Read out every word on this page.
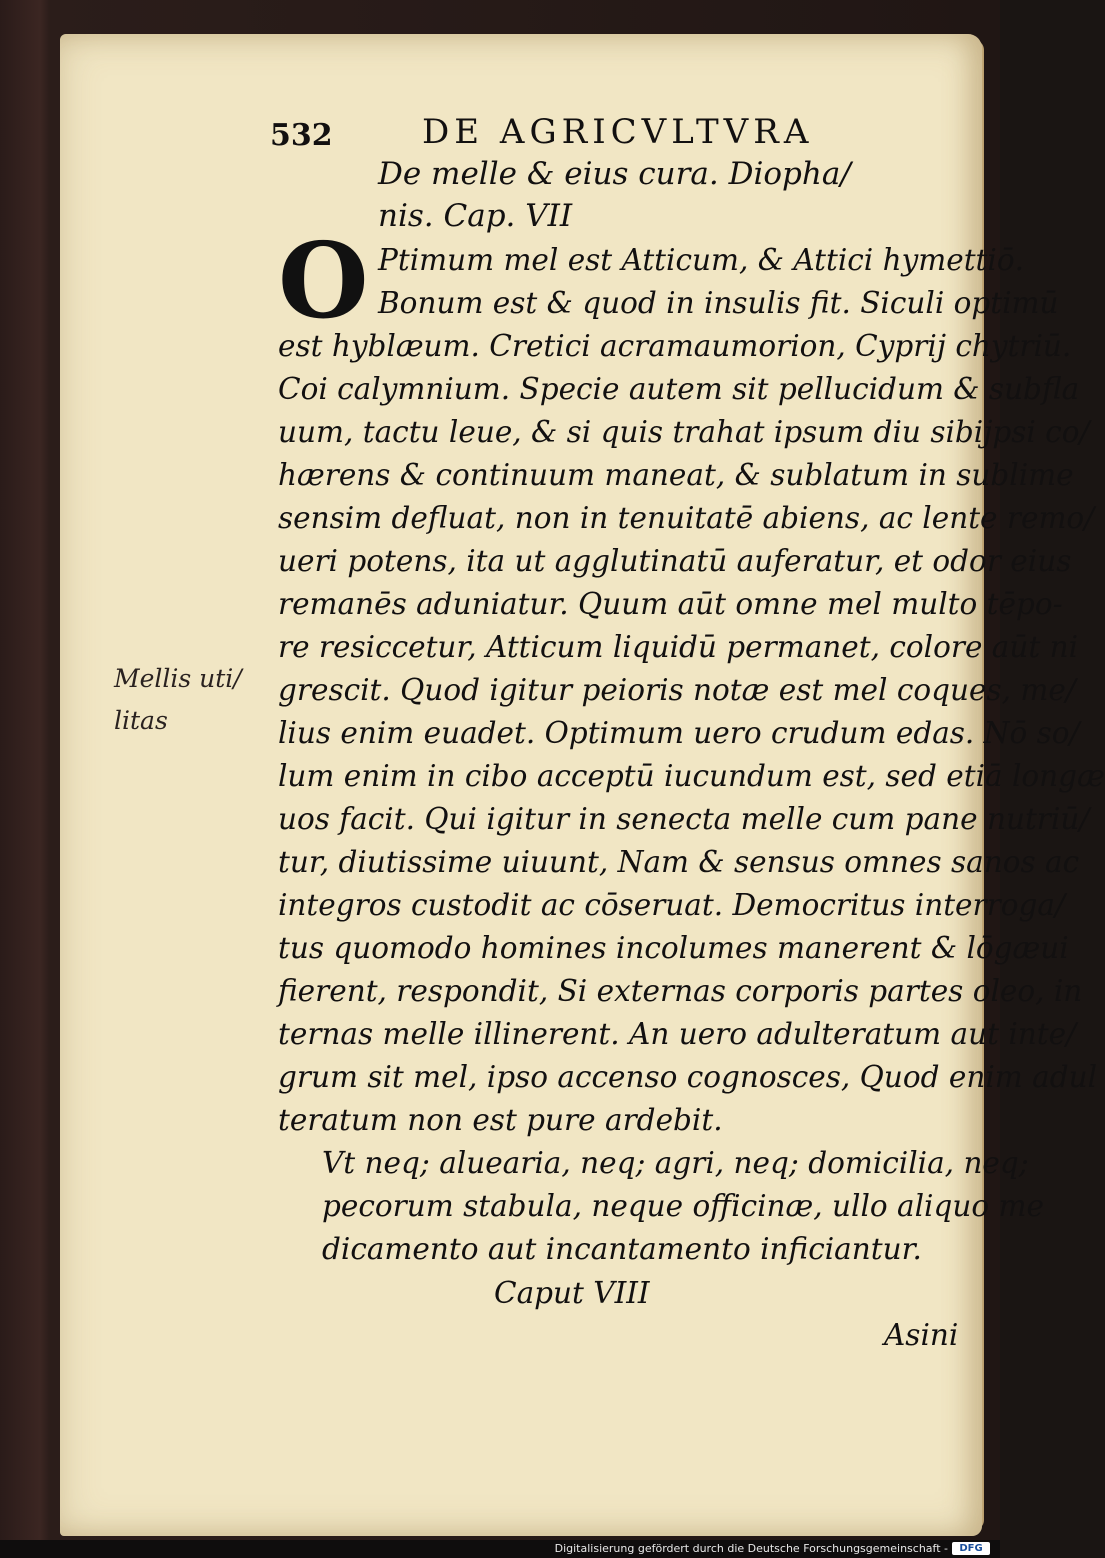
532	DE AGRICVLTVRA
De melle & eius cura. Diopha/
nis. Cap. VII
O Ptimum mel est Atticum, & Attici hymettiō.
Bonum est & quod in insulis fit. Siculi optimū
est hyblæum. Cretici acramaumorion, Cyprij chytriū.
Coi calymnium. Specie autem sit pellucidum & subfla
uum, tactu leue, & si quis trahat ipsum diu sibijpsi co/
hærens & continuum maneat, & sublatum in sublime
sensim defluat, non in tenuitatē abiens, ac lente remo/
ueri potens, ita ut agglutinatū auferatur, et odor eius
remanēs aduniatur. Quum aūt omne mel multo tēpo-
re resiccetur, Atticum liquidū permanet, colore aūt ni
grescit. Quod igitur peioris notæ est mel coques, me/
lius enim euadet. Optimum uero crudum edas. Nō so/
lum enim in cibo acceptū iucundum est, sed etiā longæ
uos facit. Qui igitur in senecta melle cum pane nutriū/
tur, diutissime uiuunt, Nam & sensus omnes sanos ac
integros custodit ac cōseruat. Democritus interroga/
tus quomodo homines incolumes manerent & lōgæui
fierent, respondit, Si externas corporis partes oleo, in
ternas melle illinerent. An uero adulteratum aut inte/
grum sit mel, ipso accenso cognosces, Quod enim adul
teratum non est pure ardebit.
Mellis uti/
litas
Vt neq; aluearia, neq; agri, neq; domicilia, neq;
pecorum stabula, neque officinæ, ullo aliquo me
dicamento aut incantamento inficiantur.
Caput VIII
Asini
Digitalisierung gefördert durch die Deutsche Forschungsgemeinschaft -	DFG
